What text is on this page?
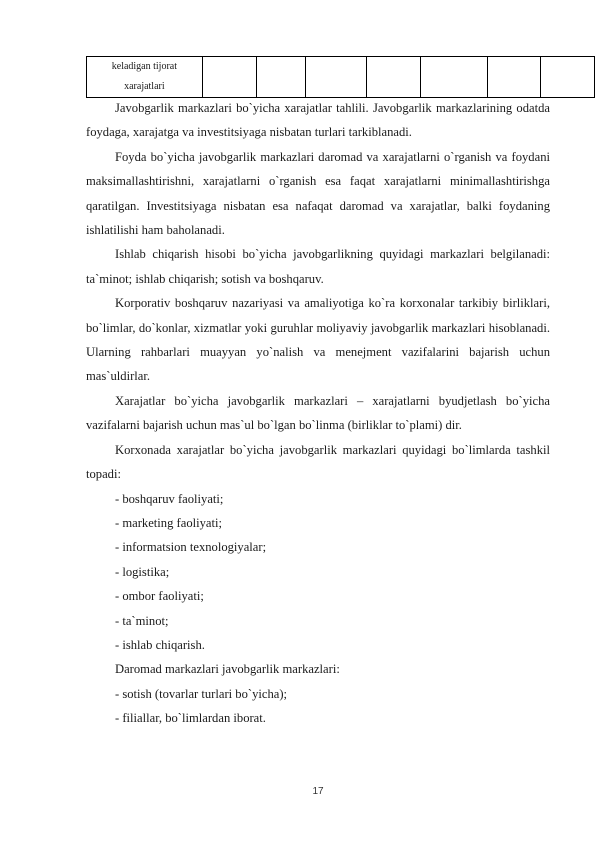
keladigan tijorat
xarajatlari

Javobgarlik markazlari bo`yicha xarajatlar tahlili. Javobgarlik markazlarining odatda foydaga, xarajatga va investitsiyaga nisbatan turlari tarkiblanadi.

Foyda bo`yicha javobgarlik markazlari daromad va xarajatlarni o`rganish va foydani maksimallashtirishni, xarajatlarni o`rganish esa faqat xarajatlarni minimallashtirishga qaratilgan. Investitsiyaga nisbatan esa nafaqat daromad va xarajatlar, balki foydaning ishlatilishi ham baholanadi.

Ishlab chiqarish hisobi bo`yicha javobgarlikning quyidagi markazlari belgilanadi: ta`minot; ishlab chiqarish; sotish va boshqaruv.

Korporativ boshqaruv nazariyasi va amaliyotiga ko`ra korxonalar tarkibiy birliklari, bo`limlar, do`konlar, xizmatlar yoki guruhlar moliyaviy javobgarlik markazlari hisoblanadi. Ularning rahbarlari muayyan yo`nalish va menejment vazifalarini bajarish uchun mas`uldirlar.

Xarajatlar bo`yicha javobgarlik markazlari – xarajatlarni byudjetlash bo`yicha vazifalarni bajarish uchun mas`ul bo`lgan bo`linma (birliklar to`plami) dir.

Korxonada xarajatlar bo`yicha javobgarlik markazlari quyidagi bo`limlarda tashkil topadi:

- boshqaruv faoliyati;

- marketing faoliyati;

- informatsion texnologiyalar;

- logistika;

- ombor faoliyati;

- ta`minot;

- ishlab chiqarish.

Daromad markazlari javobgarlik markazlari:

- sotish (tovarlar turlari bo`yicha);

- filiallar, bo`limlardan iborat.

17
